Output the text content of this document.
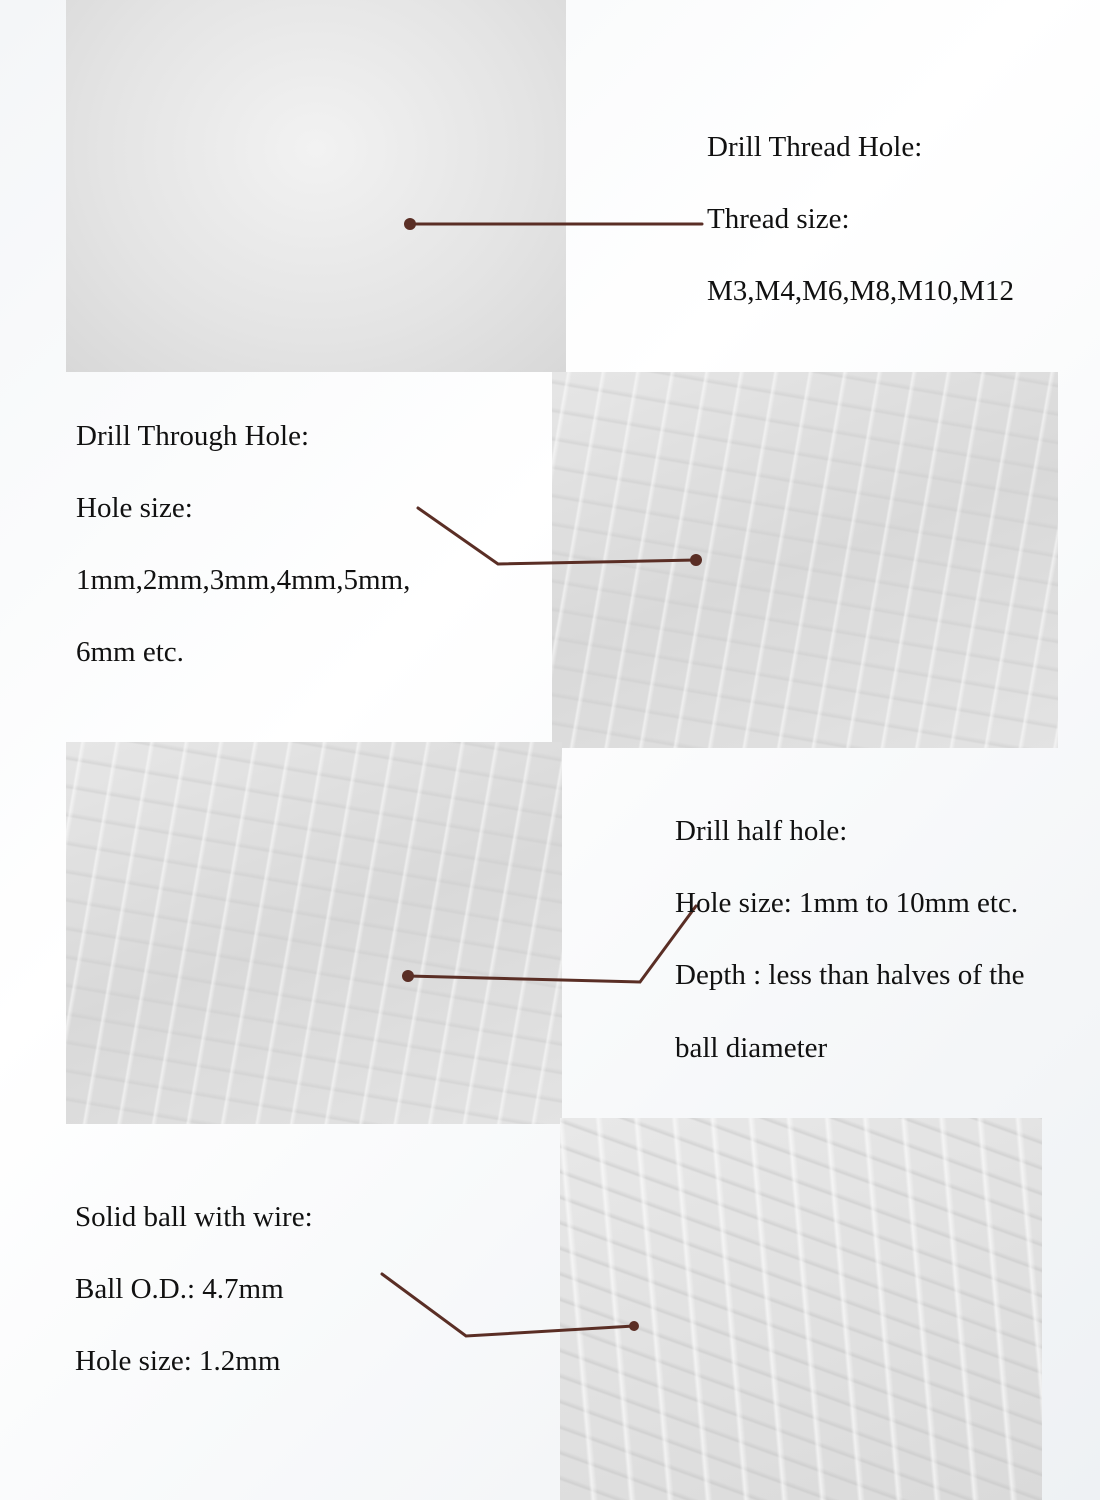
Drill Thread Hole:
Thread size:
M3,M4,M6,M8,M10,M12
Drill Through Hole:
Hole size:
1mm,2mm,3mm,4mm,5mm,
6mm etc.
Drill half hole:
Hole size: 1mm to 10mm etc.
Depth : less than halves of the
ball diameter
Solid ball with wire:
Ball O.D.: 4.7mm
Hole size: 1.2mm
